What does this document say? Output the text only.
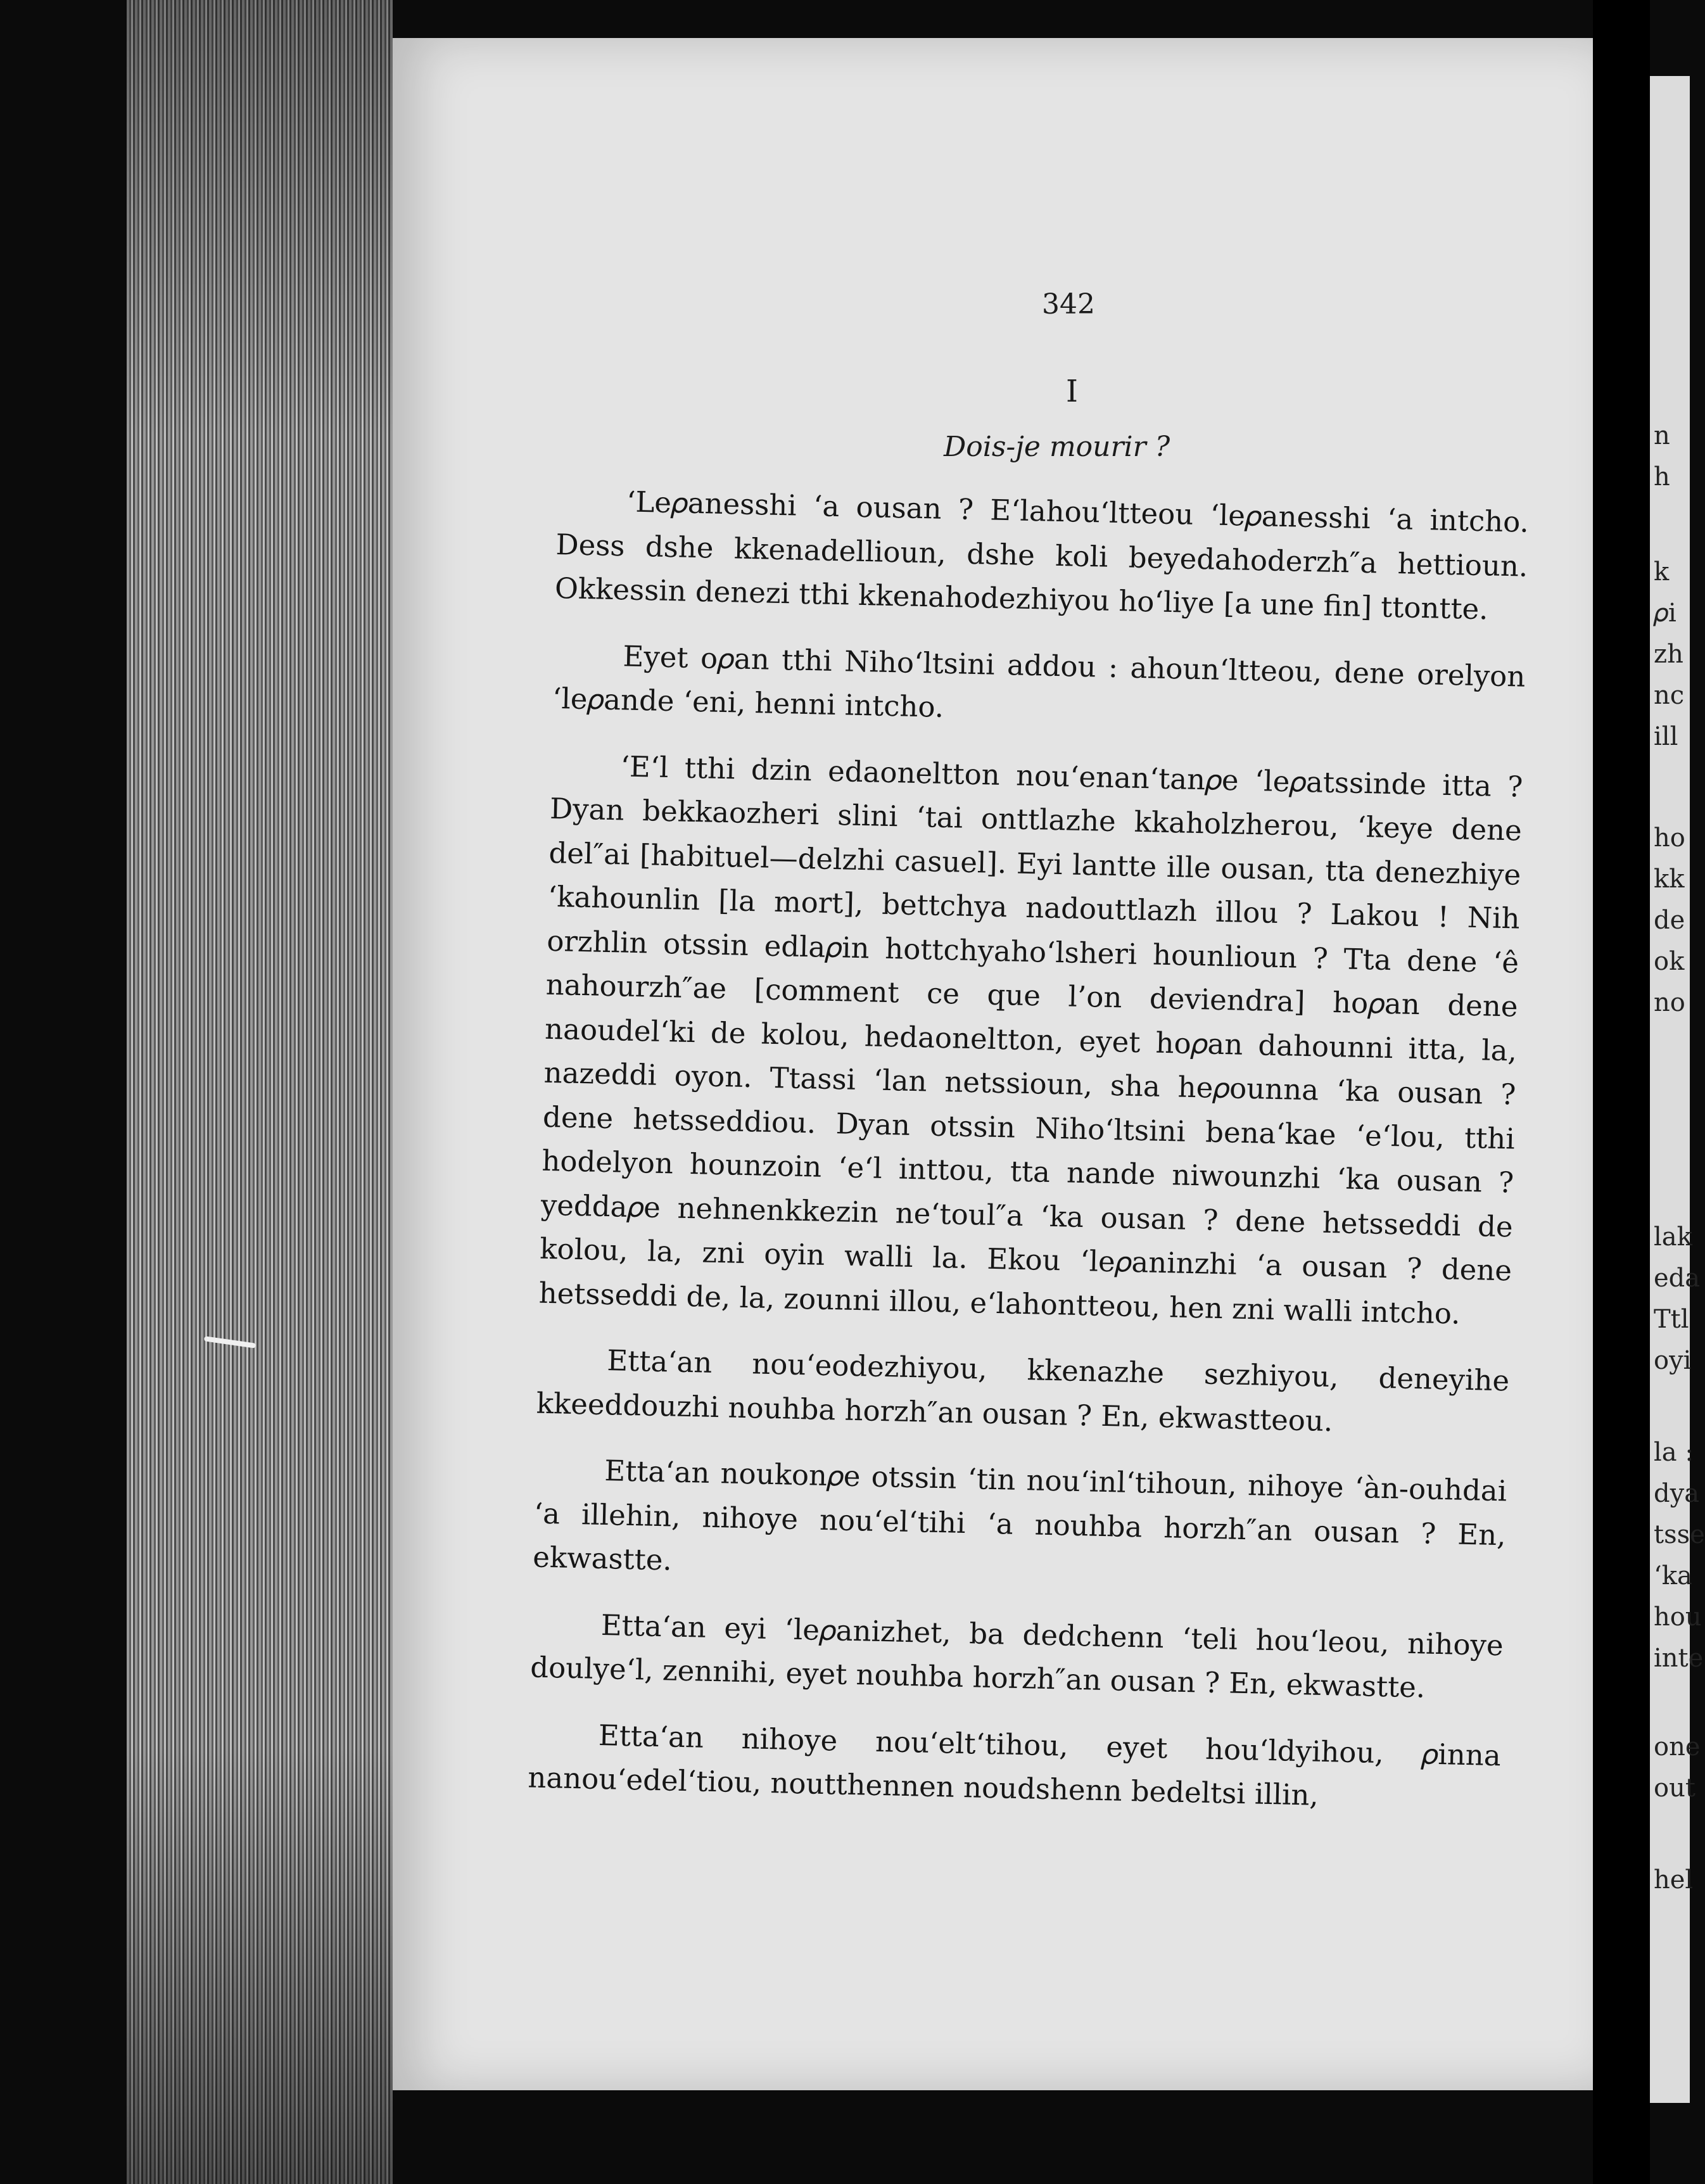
342
I
Dois-je mourir ?

‘Le𝜌anesshi ‘a ousan ? E‘lahou‘ltteou ‘le𝜌anesshi ‘a intcho. Dess dshe kkenadellioun, dshe koli beyedahoderzh″a hettioun. Okkessin denezi tthi kkenahodezhiyou ho‘liye [a une fin] ttontte.

Eyet o𝜌an tthi Niho‘ltsini addou : ahoun‘ltteou, dene orelyon ‘le𝜌ande ‘eni, henni intcho.

‘E‘l tthi dzin edaoneltton nou‘enan‘tan𝜌e ‘le𝜌atssinde itta ? Dyan bekkaozheri slini ‘tai onttlazhe kkaholzherou, ‘keye dene del″ai [habituel—delzhi casuel]. Eyi lantte ille ousan, tta denezhiye ‘kahounlin [la mort], bettchya nadouttlazh illou ? Lakou ! Nih orzhlin otssin edla𝜌in hottchyaho‘lsheri hounlioun ? Tta dene ‘ê nahourzh″ae [comment ce que l’on deviendra] ho𝜌an dene naoudel‘ki de kolou, hedaoneltton, eyet ho𝜌an dahounni itta, la, nazeddi oyon. Ttassi ‘lan netssioun, sha he𝜌ounna ‘ka ousan ? dene hetsseddiou. Dyan otssin Niho‘ltsini bena‘kae ‘e‘lou, tthi hodelyon hounzoin ‘e‘l inttou, tta nande niwounzhi ‘ka ousan ? yedda𝜌e nehnenkkezin ne‘toul″a ‘ka ousan ? dene hetsseddi de kolou, la, zni oyin walli la. Ekou ‘le𝜌aninzhi ‘a ousan ? dene hetsseddi de, la, zounni illou, e‘lahontteou, hen zni walli intcho.

Etta‘an nou‘eodezhiyou, kkenazhe sezhiyou, deneyihe kkeeddouzhi nouhba horzh″an ousan ? En, ekwastteou.

Etta‘an noukon𝜌e otssin ‘tin nou‘inl‘tihoun, nihoye ‘àn-ouhdai ‘a illehin, nihoye nou‘el‘tihi ‘a nouhba horzh″an ousan ? En, ekwastte.

Etta‘an eyi ‘le𝜌anizhet, ba dedchenn ‘teli hou‘leou, nihoye doulye‘l, zennihi, eyet nouhba horzh″an ousan ? En, ekwastte.

Etta‘an nihoye nou‘elt‘tihou, eyet hou‘ldyihou, 𝜌inna nanou‘edel‘tiou, noutthennen noudshenn bedeltsi illin,

n
h
k
𝜌i
zh
nc
ill
ho
kk
de
ok
no
lak
eda
Ttl
oyi
la :
dya
tsse
‘ka
hou
inte
one
out
hel
